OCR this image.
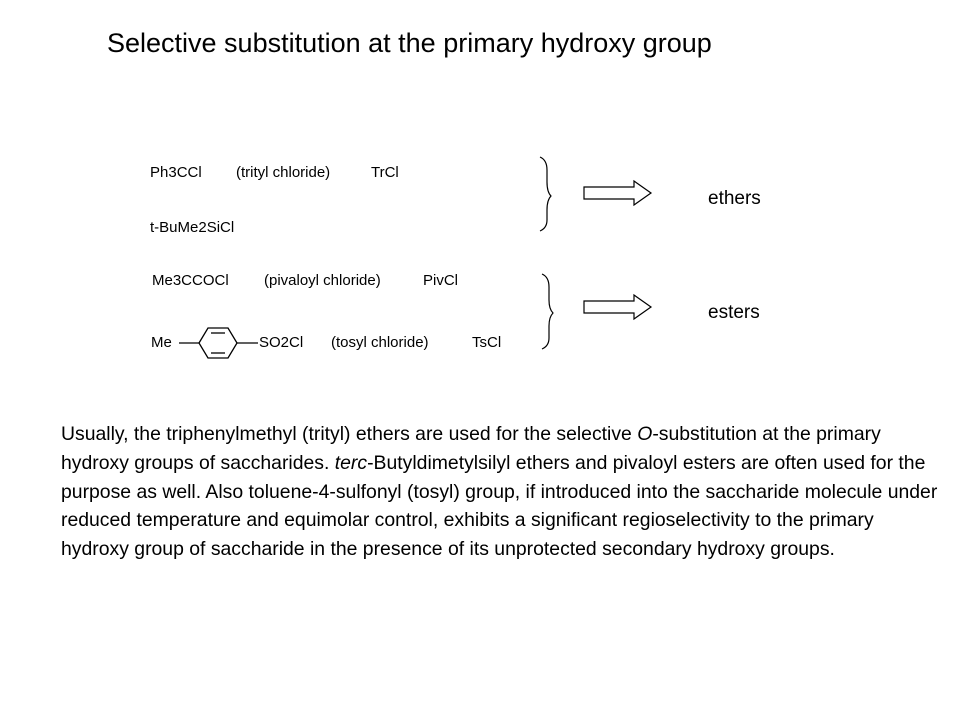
Selective substitution at the primary hydroxy group
Ph3CCl (trityl chloride)	TrCl
t-BuMe2SiCl
Me3CCOCl (pivaloyl chloride)	PivCl
Me	SO2Cl (tosyl chloride)	TsCl
ethers
esters

Usually, the triphenylmethyl (trityl) ethers are used for the selective O-substitution at the primary hydroxy groups of saccharides. terc-Butyldimetylsilyl ethers and pivaloyl esters are often used for the purpose as well. Also toluene-4-sulfonyl (tosyl) group, if introduced into the saccharide molecule under reduced temperature and equimolar control, exhibits a significant regioselectivity to the primary hydroxy group of saccharide in the presence of its unprotected secondary hydroxy groups.
